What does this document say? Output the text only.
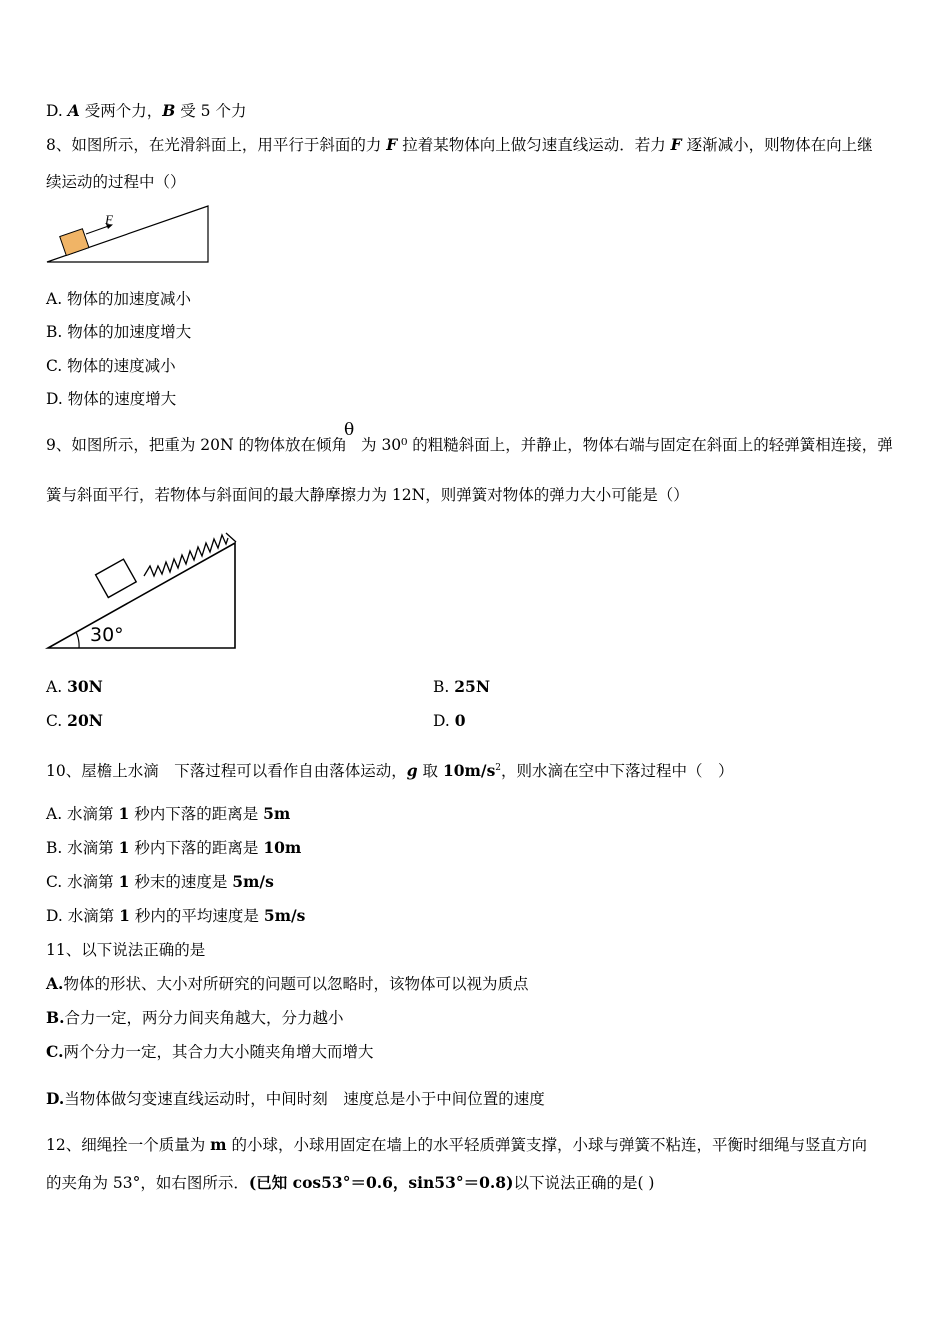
D. A 受两个力，B 受 5 个力
8、如图所示，在光滑斜面上，用平行于斜面的力 F 拉着某物体向上做匀速直线运动．若力 F 逐渐减小，则物体在向上继
续运动的过程中（）
F
A. 物体的加速度减小
B. 物体的加速度增大
C. 物体的速度减小
D. 物体的速度增大
θ
9、如图所示，把重为 20N 的物体放在倾角 为 30⁰ 的粗糙斜面上，并静止，物体右端与固定在斜面上的轻弹簧相连接，弹
簧与斜面平行，若物体与斜面间的最大静摩擦力为 12N，则弹簧对物体的弹力大小可能是（）
30°
A. 30N	B. 25N
C. 20N	D. 0
10、屋檐上水滴　下落过程可以看作自由落体运动，g 取 $10m/s^2$，则水滴在空中下落过程中（　）
A. 水滴第 1 秒内下落的距离是 5m
B. 水滴第 1 秒内下落的距离是 10m
C. 水滴第 1 秒末的速度是 5m/s
D. 水滴第 1 秒内的平均速度是 5m/s
11、以下说法正确的是
A.物体的形状、大小对所研究的问题可以忽略时，该物体可以视为质点
B.合力一定，两分力间夹角越大，分力越小
C.两个分力一定，其合力大小随夹角增大而增大
D.当物体做匀变速直线运动时，中间时刻　速度总是小于中间位置的速度
12、细绳拴一个质量为 m 的小球，小球用固定在墙上的水平轻质弹簧支撑，小球与弹簧不粘连，平衡时细绳与竖直方向
的夹角为 53°，如右图所示．(已知 cos53°＝0.6，sin53°＝0.8)以下说法正确的是( )
